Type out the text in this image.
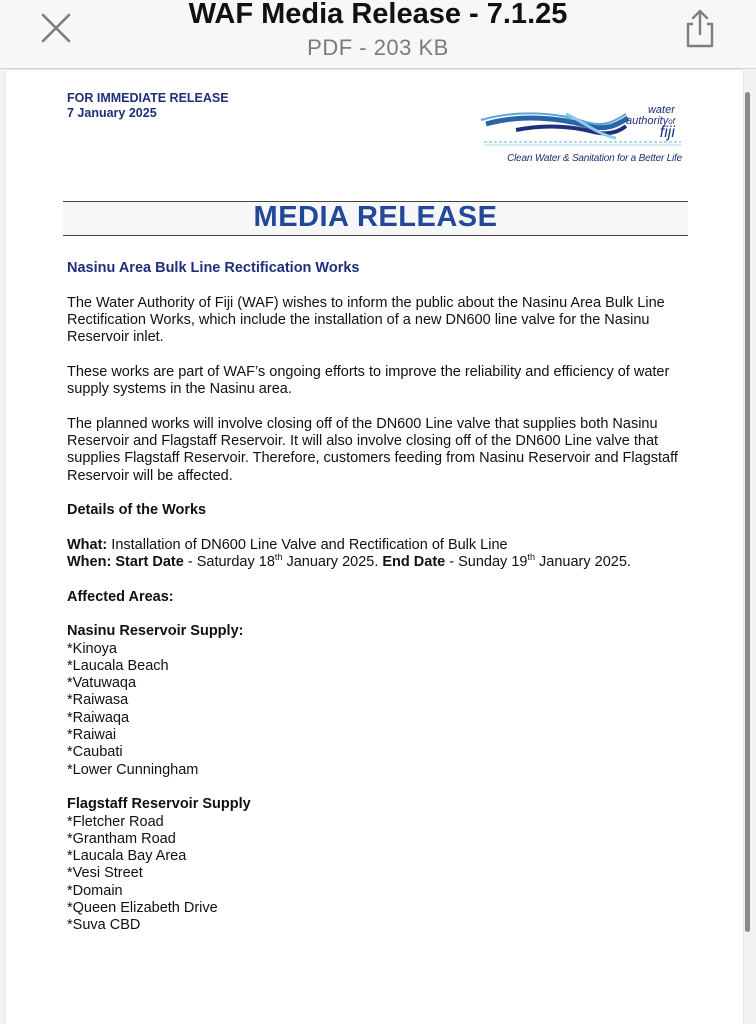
WAF Media Release - 7.1.25
PDF - 203 KB
FOR IMMEDIATE RELEASE
7 January 2025	water
authorityof
fiji
Clean Water & Sanitation for a Better Life
MEDIA RELEASE

Nasinu Area Bulk Line Rectification Works

The Water Authority of Fiji (WAF) wishes to inform the public about the Nasinu Area Bulk Line Rectification Works, which include the installation of a new DN600 line valve for the Nasinu Reservoir inlet.

These works are part of WAF’s ongoing efforts to improve the reliability and efficiency of water supply systems in the Nasinu area.

The planned works will involve closing off of the DN600 Line valve that supplies both Nasinu Reservoir and Flagstaff Reservoir. It will also involve closing off of the DN600 Line valve that supplies Flagstaff Reservoir. Therefore, customers feeding from Nasinu Reservoir and Flagstaff Reservoir will be affected.

Details of the Works

What: Installation of DN600 Line Valve and Rectification of Bulk Line

When: Start Date - Saturday 18th January 2025. End Date - Sunday 19th January 2025.

Affected Areas:

Nasinu Reservoir Supply:

*Kinoya

*Laucala Beach

*Vatuwaqa

*Raiwasa

*Raiwaqa

*Raiwai

*Caubati

*Lower Cunningham

Flagstaff Reservoir Supply

*Fletcher Road

*Grantham Road

*Laucala Bay Area

*Vesi Street

*Domain

*Queen Elizabeth Drive

*Suva CBD
